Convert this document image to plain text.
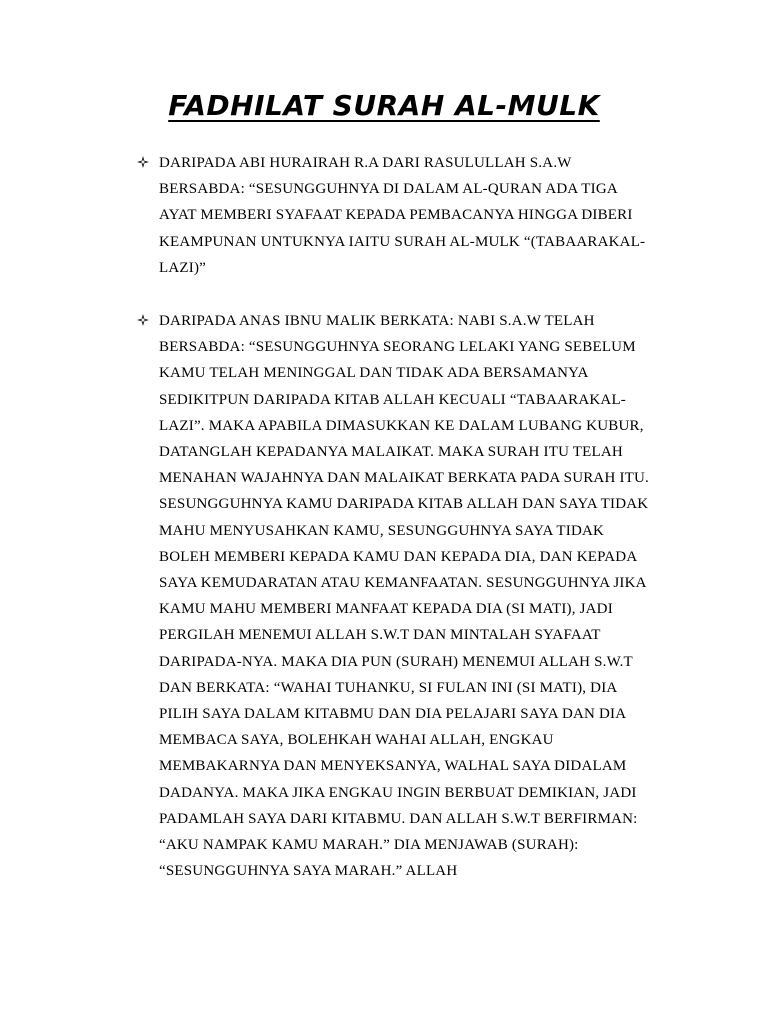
FADHILAT SURAH AL-MULK
DARIPADA ABI HURAIRAH R.A DARI RASULULLAH S.A.W BERSABDA: “SESUNGGUHNYA DI DALAM AL-QURAN ADA TIGA AYAT MEMBERI SYAFAAT KEPADA PEMBACANYA HINGGA DIBERI KEAMPUNAN UNTUKNYA IAITU SURAH AL-MULK “(TABAARAKAL-LAZI)”
DARIPADA ANAS IBNU MALIK BERKATA: NABI S.A.W TELAH BERSABDA: “SESUNGGUHNYA SEORANG LELAKI YANG SEBELUM KAMU TELAH MENINGGAL DAN TIDAK ADA BERSAMANYA SEDIKITPUN DARIPADA KITAB ALLAH KECUALI “TABAARAKAL-LAZI”. MAKA APABILA DIMASUKKAN KE DALAM LUBANG KUBUR, DATANGLAH KEPADANYA MALAIKAT. MAKA SURAH ITU TELAH MENAHAN WAJAHNYA DAN MALAIKAT BERKATA PADA SURAH ITU. SESUNGGUHNYA KAMU DARIPADA KITAB ALLAH DAN SAYA TIDAK MAHU MENYUSAHKAN KAMU, SESUNGGUHNYA SAYA TIDAK BOLEH MEMBERI KEPADA KAMU DAN KEPADA DIA, DAN KEPADA SAYA KEMUDARATAN ATAU KEMANFAATAN. SESUNGGUHNYA JIKA KAMU MAHU MEMBERI MANFAAT KEPADA DIA (SI MATI), JADI PERGILAH MENEMUI ALLAH S.W.T DAN MINTALAH SYAFAAT DARIPADA-NYA. MAKA DIA PUN (SURAH) MENEMUI ALLAH S.W.T DAN BERKATA: “WAHAI TUHANKU, SI FULAN INI (SI MATI), DIA PILIH SAYA DALAM KITABMU DAN DIA PELAJARI SAYA DAN DIA MEMBACA SAYA, BOLEHKAH WAHAI ALLAH, ENGKAU MEMBAKARNYA DAN MENYEKSANYA, WALHAL SAYA DIDALAM DADANYA. MAKA JIKA ENGKAU INGIN BERBUAT DEMIKIAN, JADI PADAMLAH SAYA DARI KITABMU. DAN ALLAH S.W.T BERFIRMAN: “AKU NAMPAK KAMU MARAH.” DIA MENJAWAB (SURAH): “SESUNGGUHNYA SAYA MARAH.” ALLAH
